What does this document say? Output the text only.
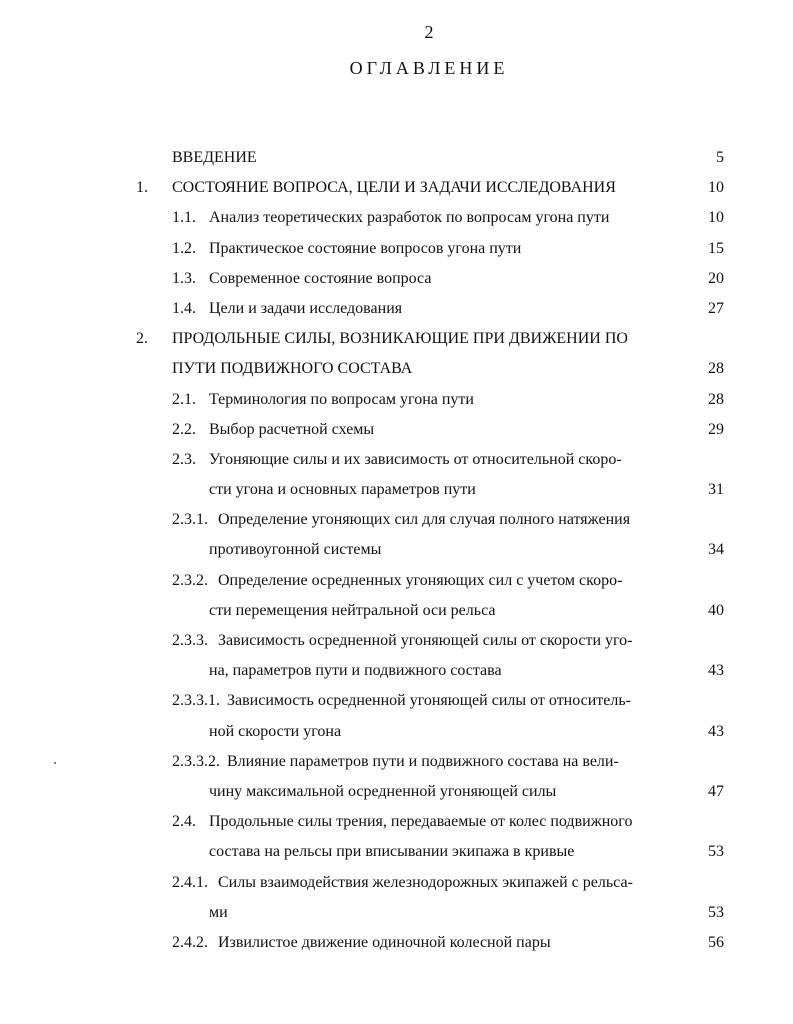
2
ОГЛАВЛЕНИЕ
ВВЕДЕНИЕ	5
1. СОСТОЯНИЕ ВОПРОСА, ЦЕЛИ И ЗАДАЧИ ИССЛЕДОВАНИЯ	10
1.1. Анализ теоретических разработок по вопросам угона пути	10
1.2. Практическое состояние вопросов угона пути	15
1.3. Современное состояние вопроса	20
1.4. Цели и задачи исследования	27
2. ПРОДОЛЬНЫЕ СИЛЫ, ВОЗНИКАЮЩИЕ ПРИ ДВИЖЕНИИ ПО
ПУТИ ПОДВИЖНОГО СОСТАВА	28
2.1. Терминология по вопросам угона пути	28
2.2. Выбор расчетной схемы	29
2.3. Угоняющие силы и их зависимость от относительной скоро-
сти угона и основных параметров пути	31
2.3.1. Определение угоняющих сил для случая полного натяжения
противоугонной системы	34
2.3.2. Определение осредненных угоняющих сил с учетом скоро-
сти перемещения нейтральной оси рельса	40
2.3.3. Зависимость осредненной угоняющей силы от скорости уго-
на, параметров пути и подвижного состава	43
2.3.3.1. Зависимость осредненной угоняющей силы от относитель-
ной скорости угона	43
2.3.3.2. Влияние параметров пути и подвижного состава на вели-
чину максимальной осредненной угоняющей силы	47
2.4. Продольные силы трения, передаваемые от колес подвижного
состава на рельсы при вписывании экипажа в кривые	53
2.4.1. Силы взаимодействия железнодорожных экипажей с рельса-
ми	53
2.4.2. Извилистое движение одиночной колесной пары	56
